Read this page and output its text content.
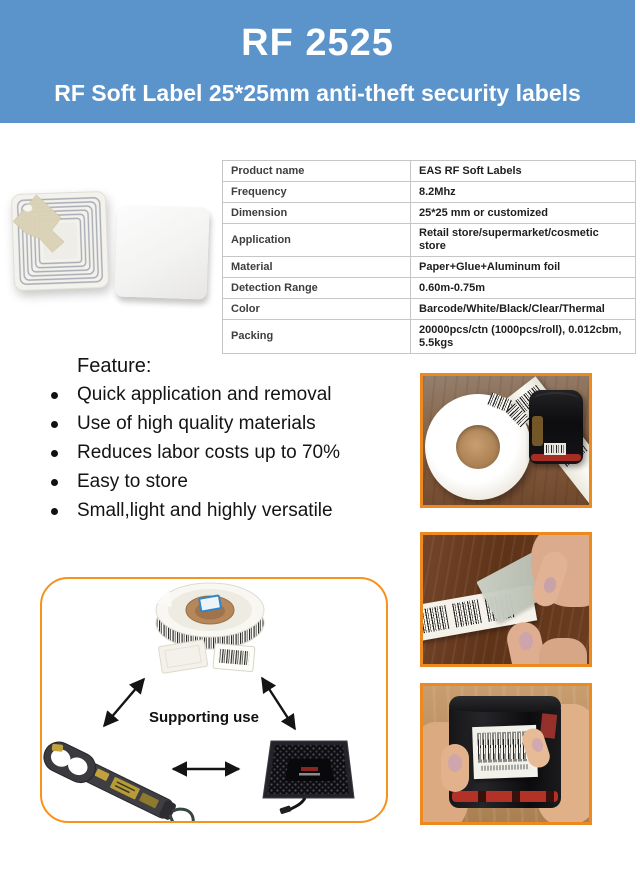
RF 2525
RF Soft Label 25*25mm anti-theft security labels
Product name	EAS RF Soft Labels
Frequency	8.2Mhz
Dimension	25*25 mm or customized
Application	Retail store/supermarket/cosmetic store
Material	Paper+Glue+Aluminum foil
Detection Range	0.60m-0.75m
Color	Barcode/White/Black/Clear/Thermal
Packing	20000pcs/ctn (1000pcs/roll), 0.012cbm, 5.5kgs
Feature:
Quick application and removal
Use of high quality materials
Reduces labor costs up to 70%
Easy to store
Small,light and highly versatile
Supporting use
